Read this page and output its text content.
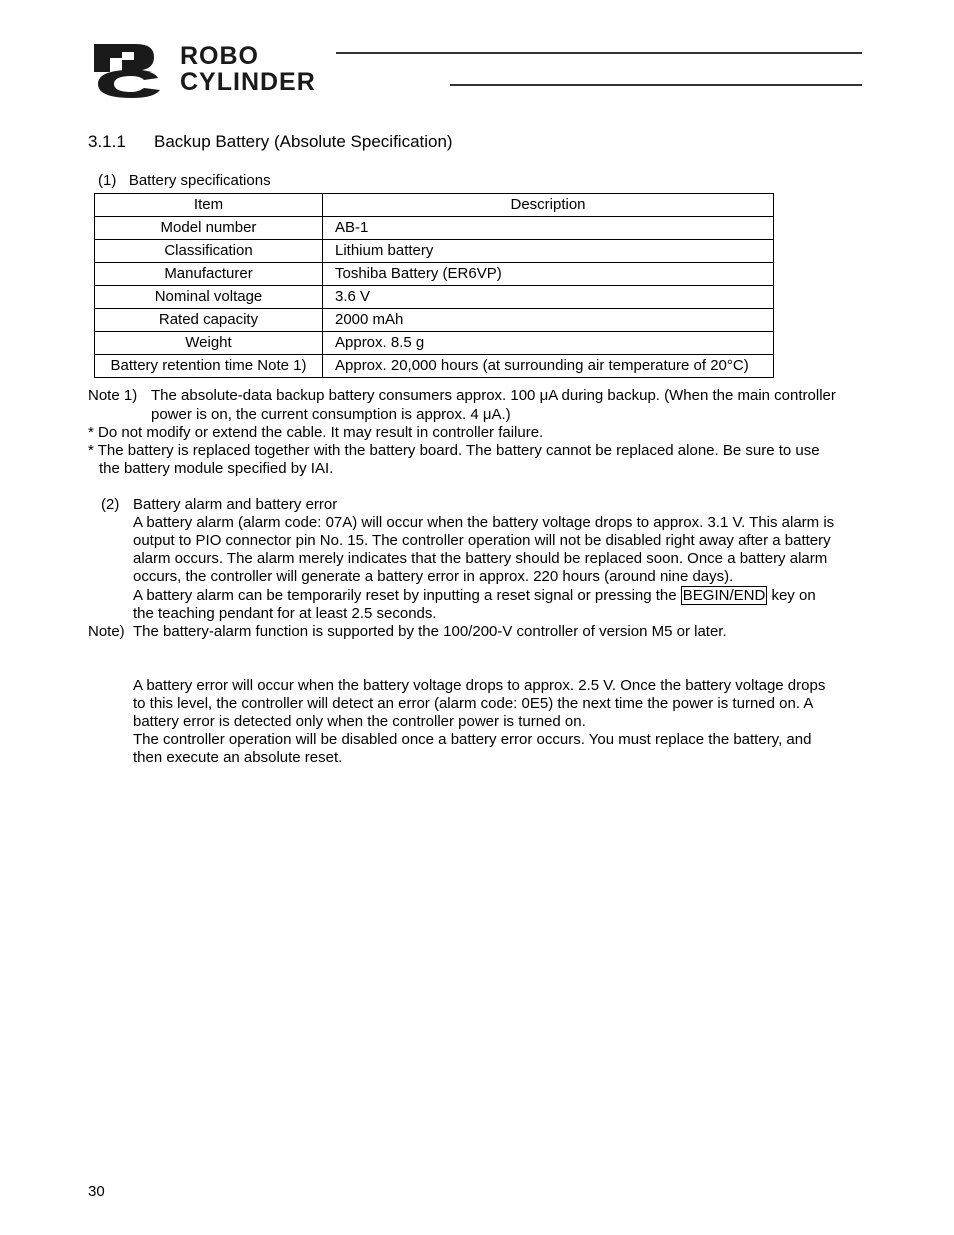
ROBO
CYLINDER
3.1.1 Backup Battery (Absolute Specification)
(1)   Battery specifications
Item	Description
Model number	AB-1
Classification	Lithium battery
Manufacturer	Toshiba Battery (ER6VP)
Nominal voltage	3.6 V
Rated capacity	2000 mAh
Weight	Approx. 8.5 g
Battery retention time Note 1)	Approx. 20,000 hours (at surrounding air temperature of 20°C)
Note 1) The absolute-data backup battery consumers approx. 100 μA during backup. (When the main controller
power is on, the current consumption is approx. 4 μA.)
* Do not modify or extend the cable. It may result in controller failure.
* The battery is replaced together with the battery board. The battery cannot be replaced alone. Be sure to use
the battery module specified by IAI.
(2) Battery alarm and battery error
A battery alarm (alarm code: 07A) will occur when the battery voltage drops to approx. 3.1 V. This alarm is
output to PIO connector pin No. 15. The controller operation will not be disabled right away after a battery
alarm occurs. The alarm merely indicates that the battery should be replaced soon. Once a battery alarm
occurs, the controller will generate a battery error in approx. 220 hours (around nine days).
A battery alarm can be temporarily reset by inputting a reset signal or pressing the BEGIN/END key on
the teaching pendant for at least 2.5 seconds.
Note) The battery-alarm function is supported by the 100/200-V controller of version M5 or later.
A battery error will occur when the battery voltage drops to approx. 2.5 V. Once the battery voltage drops
to this level, the controller will detect an error (alarm code: 0E5) the next time the power is turned on. A
battery error is detected only when the controller power is turned on.
The controller operation will be disabled once a battery error occurs. You must replace the battery, and
then execute an absolute reset.
30
